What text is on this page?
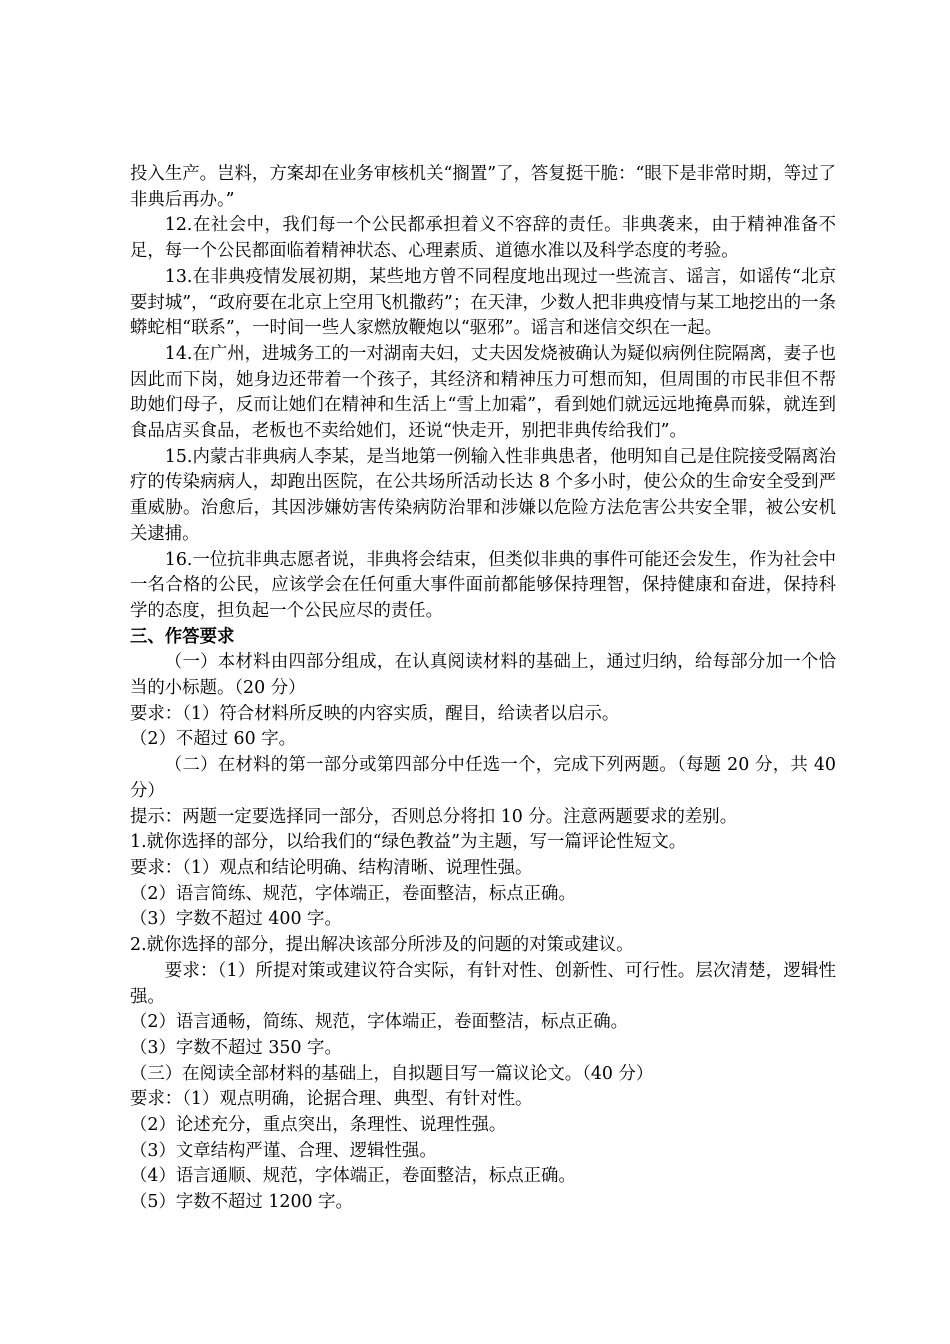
投入生产。岂料，方案却在业务审核机关“搁置”了，答复挺干脆：“眼下是非常时期，等过了非典后再办。”

12.在社会中，我们每一个公民都承担着义不容辞的责任。非典袭来，由于精神准备不足，每一个公民都面临着精神状态、心理素质、道德水准以及科学态度的考验。

13.在非典疫情发展初期，某些地方曾不同程度地出现过一些流言、谣言，如谣传“北京要封城”，“政府要在北京上空用飞机撒药”；在天津，少数人把非典疫情与某工地挖出的一条蟒蛇相“联系”，一时间一些人家燃放鞭炮以“驱邪”。谣言和迷信交织在一起。

14.在广州，进城务工的一对湖南夫妇，丈夫因发烧被确认为疑似病例住院隔离，妻子也因此而下岗，她身边还带着一个孩子，其经济和精神压力可想而知，但周围的市民非但不帮助她们母子，反而让她们在精神和生活上“雪上加霜”，看到她们就远远地掩鼻而躲，就连到食品店买食品，老板也不卖给她们，还说“快走开，别把非典传给我们”。

15.内蒙古非典病人李某，是当地第一例输入性非典患者，他明知自己是住院接受隔离治疗的传染病病人，却跑出医院，在公共场所活动长达 8 个多小时，使公众的生命安全受到严重威胁。治愈后，其因涉嫌妨害传染病防治罪和涉嫌以危险方法危害公共安全罪，被公安机关逮捕。

16.一位抗非典志愿者说，非典将会结束，但类似非典的事件可能还会发生，作为社会中一名合格的公民，应该学会在任何重大事件面前都能够保持理智，保持健康和奋进，保持科学的态度，担负起一个公民应尽的责任。

三、作答要求

（一）本材料由四部分组成，在认真阅读材料的基础上，通过归纳，给每部分加一个恰当的小标题。（20 分）

要求：（1）符合材料所反映的内容实质，醒目，给读者以启示。

（2）不超过 60 字。

（二）在材料的第一部分或第四部分中任选一个，完成下列两题。（每题 20 分，共 40 分）

提示：两题一定要选择同一部分，否则总分将扣 10 分。注意两题要求的差别。

1.就你选择的部分，以给我们的“绿色教益”为主题，写一篇评论性短文。

要求：（1）观点和结论明确、结构清晰、说理性强。

（2）语言简练、规范，字体端正，卷面整洁，标点正确。

（3）字数不超过 400 字。

2.就你选择的部分，提出解决该部分所涉及的问题的对策或建议。

要求：（1）所提对策或建议符合实际，有针对性、创新性、可行性。层次清楚，逻辑性强。

（2）语言通畅，简练、规范，字体端正，卷面整洁，标点正确。

（3）字数不超过 350 字。

（三）在阅读全部材料的基础上，自拟题目写一篇议论文。（40 分）

要求：（1）观点明确，论据合理、典型、有针对性。

（2）论述充分，重点突出，条理性、说理性强。

（3）文章结构严谨、合理、逻辑性强。

（4）语言通顺、规范，字体端正，卷面整洁，标点正确。

（5）字数不超过 1200 字。
